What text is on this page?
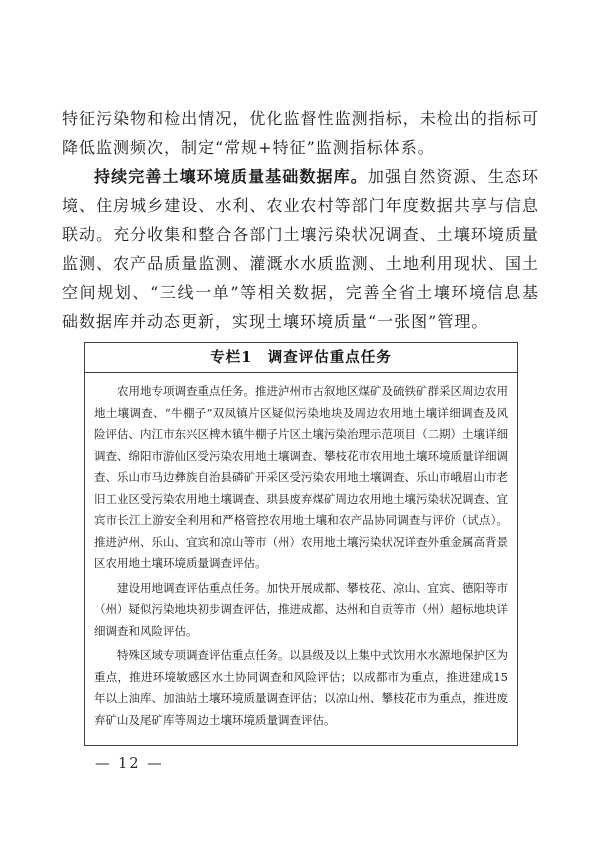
特征污染物和检出情况，优化监督性监测指标，未检出的指标可降低监测频次，制定“常规+特征”监测指标体系。

持续完善土壤环境质量基础数据库。加强自然资源、生态环境、住房城乡建设、水利、农业农村等部门年度数据共享与信息联动。充分收集和整合各部门土壤污染状况调查、土壤环境质量监测、农产品质量监测、灌溉水水质监测、土地利用现状、国土空间规划、“三线一单”等相关数据，完善全省土壤环境信息基础数据库并动态更新，实现土壤环境质量“一张图”管理。

专栏1　调查评估重点任务

农用地专项调查重点任务。推进泸州市古叙地区煤矿及硫铁矿群采区周边农用地土壤调查、“牛棚子”双凤镇片区疑似污染地块及周边农用地土壤详细调查及风险评估、内江市东兴区椑木镇牛棚子片区土壤污染治理示范项目（二期）土壤详细调查、绵阳市游仙区受污染农用地土壤调查、攀枝花市农用地土壤环境质量详细调查、乐山市马边彝族自治县磷矿开采区受污染农用地土壤调查、乐山市峨眉山市老旧工业区受污染农用地土壤调查、珙县废弃煤矿周边农用地土壤污染状况调查、宜宾市长江上游安全利用和严格管控农用地土壤和农产品协同调查与评价（试点）。推进泸州、乐山、宜宾和凉山等市（州）农用地土壤污染状况详查外重金属高背景区农用地土壤环境质量调查评估。

建设用地调查评估重点任务。加快开展成都、攀枝花、凉山、宜宾、德阳等市（州）疑似污染地块初步调查评估，推进成都、达州和自贡等市（州）超标地块详细调查和风险评估。

特殊区域专项调查评估重点任务。以县级及以上集中式饮用水水源地保护区为重点，推进环境敏感区水土协同调查和风险评估；以成都市为重点，推进建成15年以上油库、加油站土壤环境质量调查评估；以凉山州、攀枝花市为重点，推进废弃矿山及尾矿库等周边土壤环境质量调查评估。

— 12 —
